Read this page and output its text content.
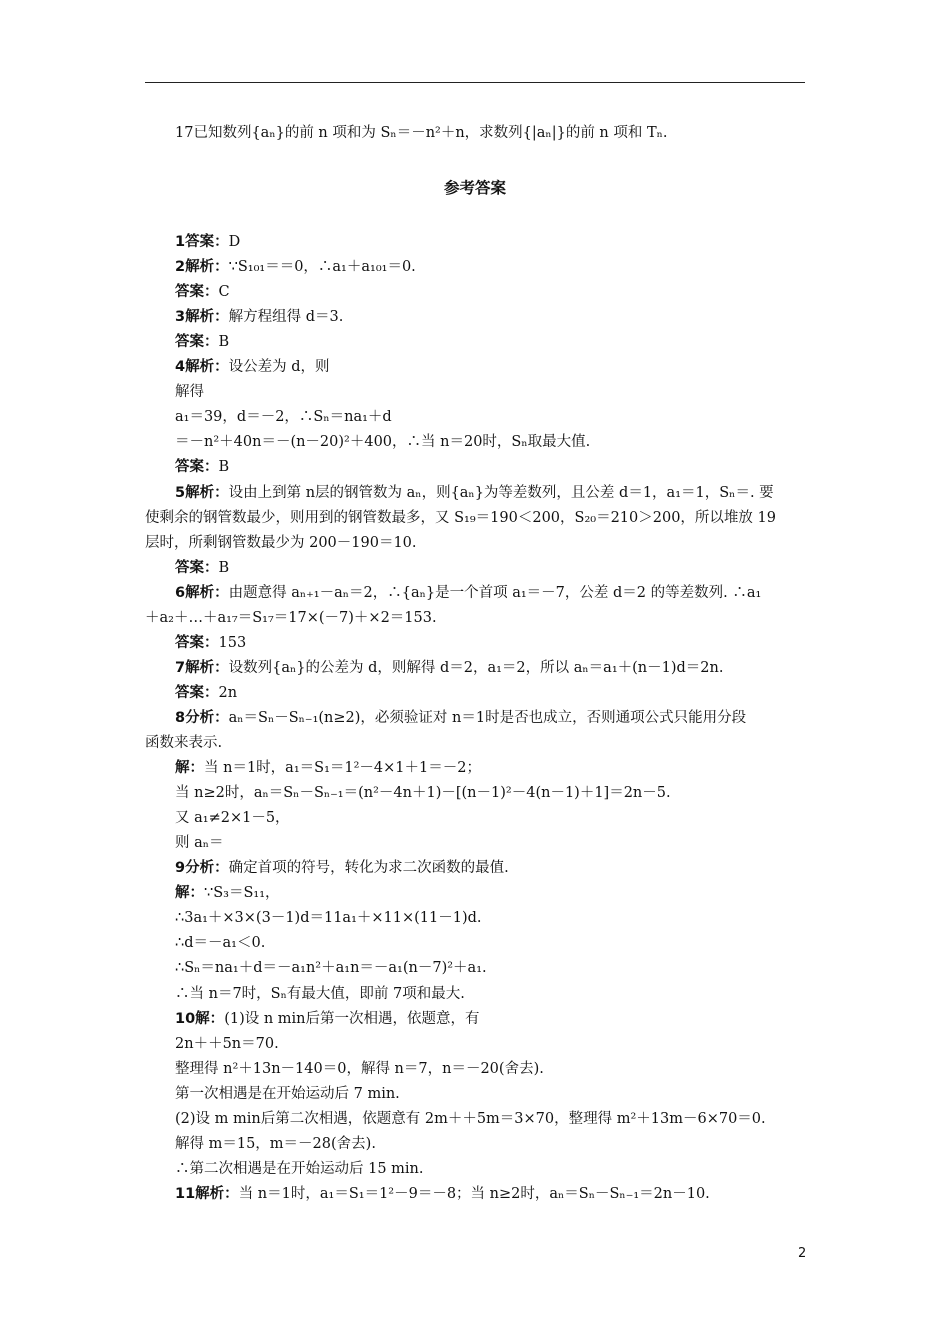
17已知数列{aₙ}的前 n 项和为 Sₙ＝－n²＋n，求数列{|aₙ|}的前 n 项和 Tₙ.
参考答案
1答案：D
2解析：∵S₁₀₁＝＝0，∴a₁＋a₁₀₁＝0.
答案：C
3解析：解方程组得 d＝3.
答案：B
4解析：设公差为 d，则
解得
a₁＝39，d＝－2，∴Sₙ＝na₁＋d
＝－n²＋40n＝－(n－20)²＋400，∴当 n＝20时，Sₙ取最大值.
答案：B
5解析：设由上到第 n层的钢管数为 aₙ，则{aₙ}为等差数列，且公差 d＝1，a₁＝1，Sₙ＝. 要
使剩余的钢管数最少，则用到的钢管数最多，又 S₁₉＝190＜200，S₂₀＝210＞200，所以堆放 19
层时，所剩钢管数最少为 200－190＝10.
答案：B
6解析：由题意得 aₙ₊₁－aₙ＝2，∴{aₙ}是一个首项 a₁＝－7，公差 d＝2 的等差数列. ∴a₁
＋a₂＋…＋a₁₇＝S₁₇＝17×(－7)＋×2＝153.
答案：153
7解析：设数列{aₙ}的公差为 d，则解得 d＝2，a₁＝2，所以 aₙ＝a₁＋(n－1)d＝2n.
答案：2n
8分析：aₙ＝Sₙ－Sₙ₋₁(n≥2)，必须验证对 n＝1时是否也成立，否则通项公式只能用分段
函数来表示.
解：当 n＝1时，a₁＝S₁＝1²－4×1＋1＝－2；
当 n≥2时，aₙ＝Sₙ－Sₙ₋₁＝(n²－4n＋1)－[(n－1)²－4(n－1)＋1]＝2n－5.
又 a₁≠2×1－5，
则 aₙ＝
9分析：确定首项的符号，转化为求二次函数的最值.
解：∵S₃＝S₁₁，
∴3a₁＋×3×(3－1)d＝11a₁＋×11×(11－1)d.
∴d＝－a₁＜0.
∴Sₙ＝na₁＋d＝－a₁n²＋a₁n＝－a₁(n－7)²＋a₁.
∴当 n＝7时，Sₙ有最大值，即前 7项和最大.
10解：(1)设 n min后第一次相遇，依题意，有
2n＋＋5n＝70.
整理得 n²＋13n－140＝0，解得 n＝7，n＝－20(舍去).
第一次相遇是在开始运动后 7 min.
(2)设 m min后第二次相遇，依题意有 2m＋＋5m＝3×70，整理得 m²＋13m－6×70＝0.
解得 m＝15，m＝－28(舍去).
∴第二次相遇是在开始运动后 15 min.
11解析：当 n＝1时，a₁＝S₁＝1²－9＝－8；当 n≥2时，aₙ＝Sₙ－Sₙ₋₁＝2n－10.
2
